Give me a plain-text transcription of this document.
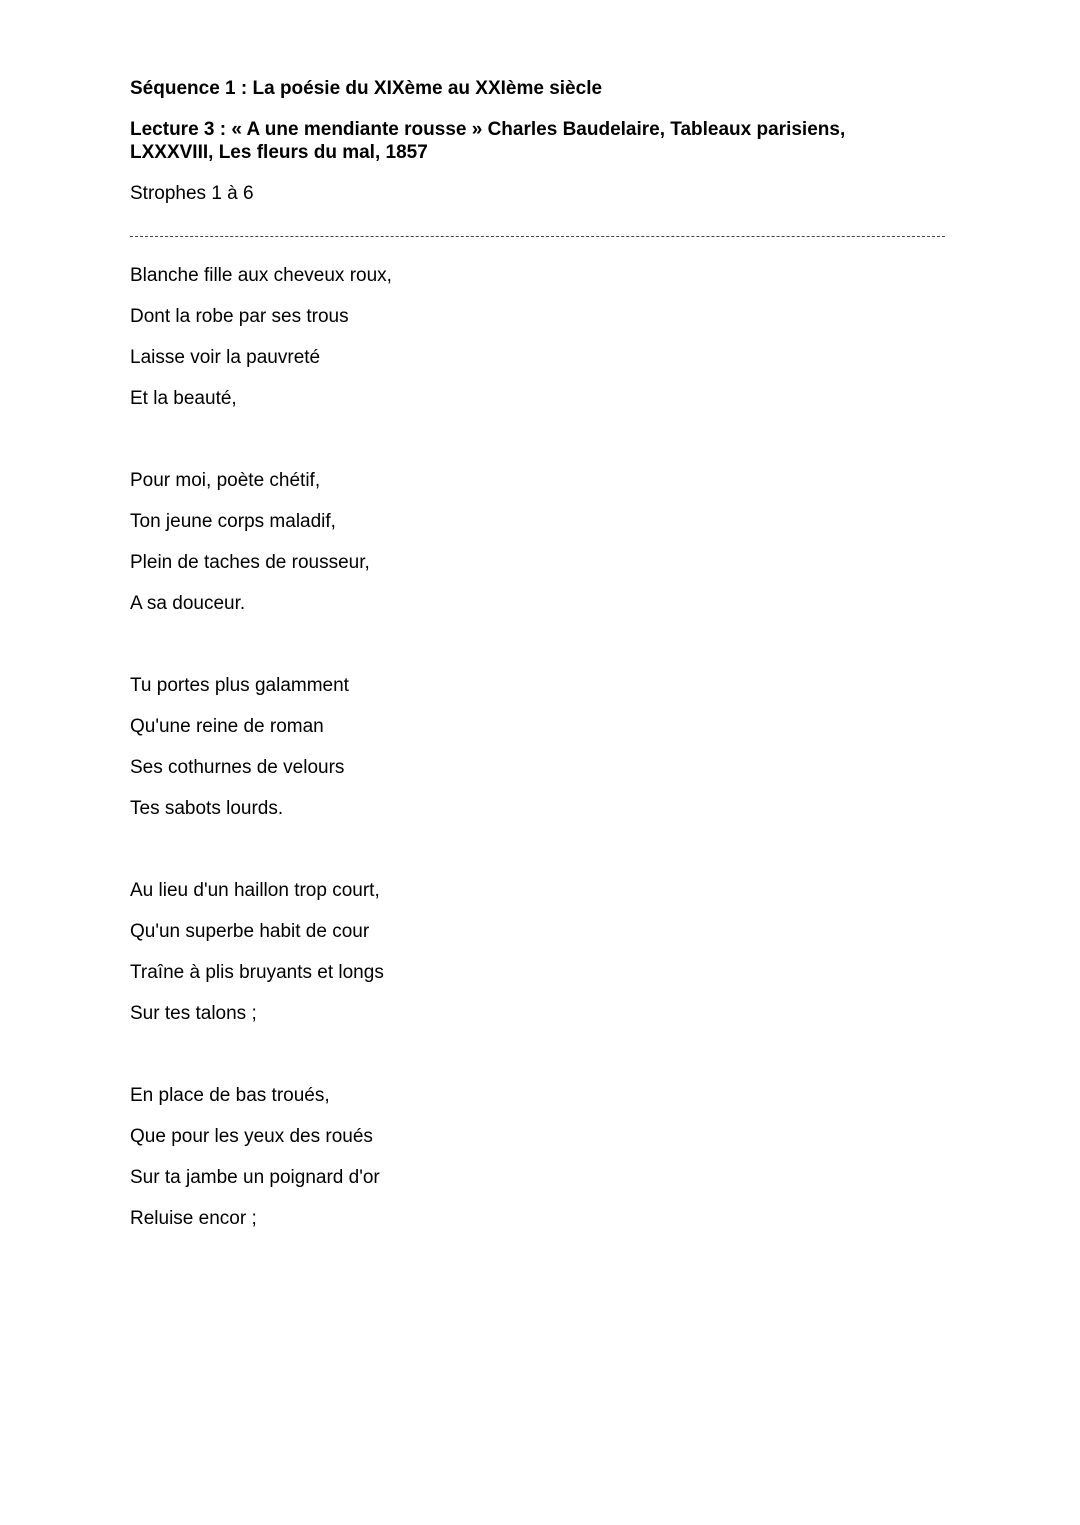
Séquence 1 : La poésie du XIXème au XXIème siècle
Lecture 3 : « A une mendiante rousse » Charles Baudelaire, Tableaux parisiens,
LXXXVIII, Les fleurs du mal, 1857
Strophes 1 à 6
Blanche fille aux cheveux roux,
Dont la robe par ses trous
Laisse voir la pauvreté
Et la beauté,
Pour moi, poète chétif,
Ton jeune corps maladif,
Plein de taches de rousseur,
A sa douceur.
Tu portes plus galamment
Qu'une reine de roman
Ses cothurnes de velours
Tes sabots lourds.
Au lieu d'un haillon trop court,
Qu'un superbe habit de cour
Traîne à plis bruyants et longs
Sur tes talons ;
En place de bas troués,
Que pour les yeux des roués
Sur ta jambe un poignard d'or
Reluise encor ;
